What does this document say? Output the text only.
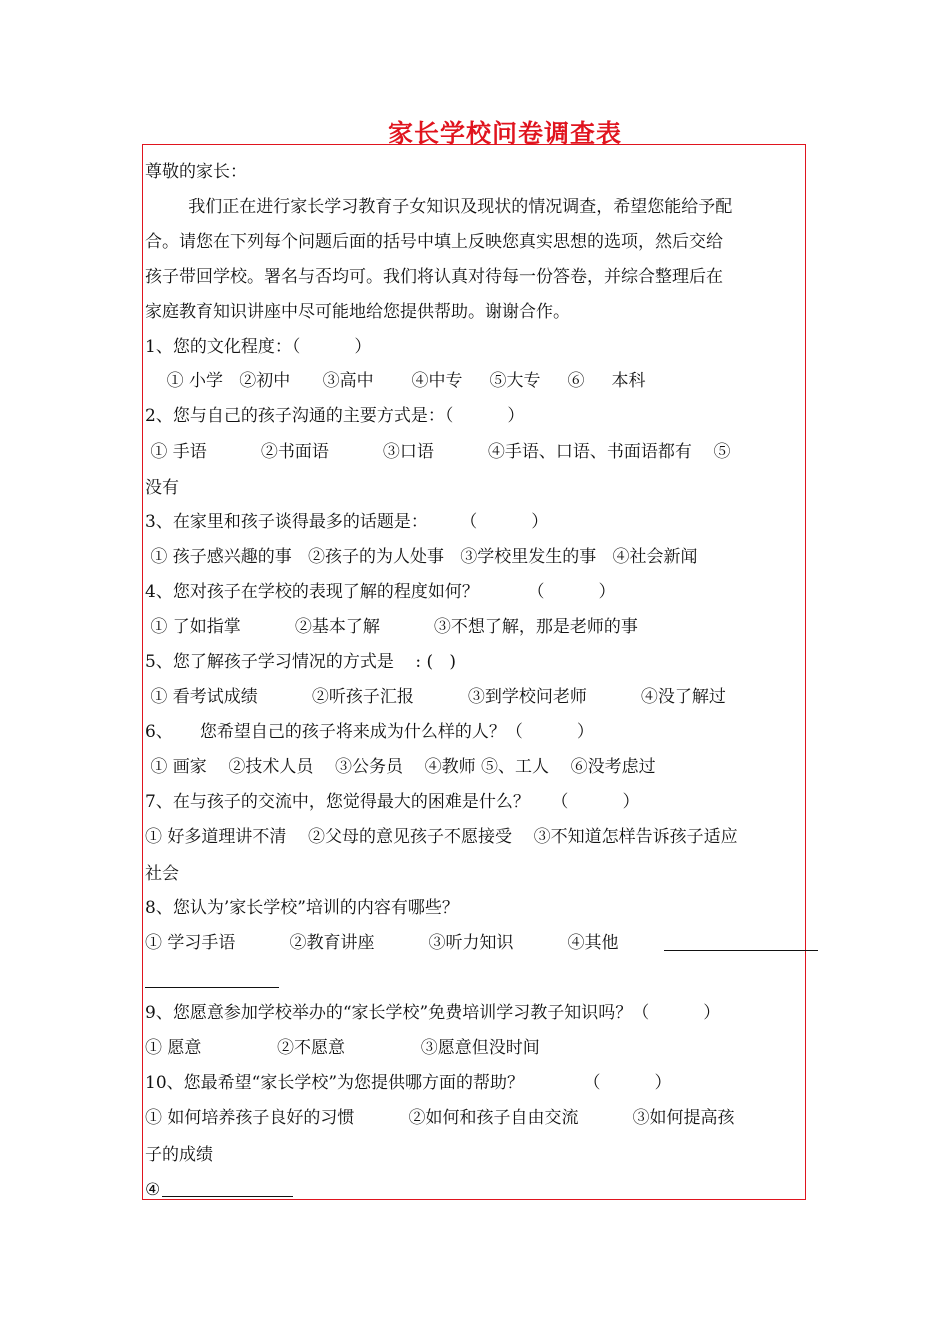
家长学校问卷调查表
尊敬的家长：
我们正在进行家长学习教育子女知识及现状的情况调查，希望您能给予配
合。请您在下列每个问题后面的括号中填上反映您真实思想的选项，然后交给
孩子带回学校。署名与否均可。我们将认真对待每一份答卷，并综合整理后在
家庭教育知识讲座中尽可能地给您提供帮助。谢谢合作。
1、您的文化程度：（          ）
① 小学   ②初中      ③高中       ④中专     ⑤大专     ⑥     本科
2、您与自己的孩子沟通的主要方式是：（          ）
① 手语          ②书面语          ③口语          ④手语、口语、书面语都有    ⑤
没有
3、在家里和孩子谈得最多的话题是：      （          ）
① 孩子感兴趣的事   ②孩子的为人处事   ③学校里发生的事   ④社会新闻
4、您对孩子在学校的表现了解的程度如何？         （          ）
① 了如指掌          ②基本了解          ③不想了解，那是老师的事
5、您了解孩子学习情况的方式是    : (   )
① 看考试成绩          ②听孩子汇报          ③到学校问老师          ④没了解过
6、     您希望自己的孩子将来成为什么样的人？（          ）
① 画家    ②技术人员    ③公务员    ④教师 ⑤、工人    ⑥没考虑过
7、在与孩子的交流中，您觉得最大的困难是什么？    （          ）
① 好多道理讲不清    ②父母的意见孩子不愿接受    ③不知道怎样告诉孩子适应
社会
8、您认为’家长学校”培训的内容有哪些？
① 学习手语          ②教育讲座          ③听力知识          ④其他
9、您愿意参加学校举办的“家长学校”免费培训学习教子知识吗？（          ）
① 愿意              ②不愿意              ③愿意但没时间
10、您最希望“家长学校”为您提供哪方面的帮助？           （          ）
① 如何培养孩子良好的习惯          ②如何和孩子自由交流          ③如何提高孩
子的成绩
④
